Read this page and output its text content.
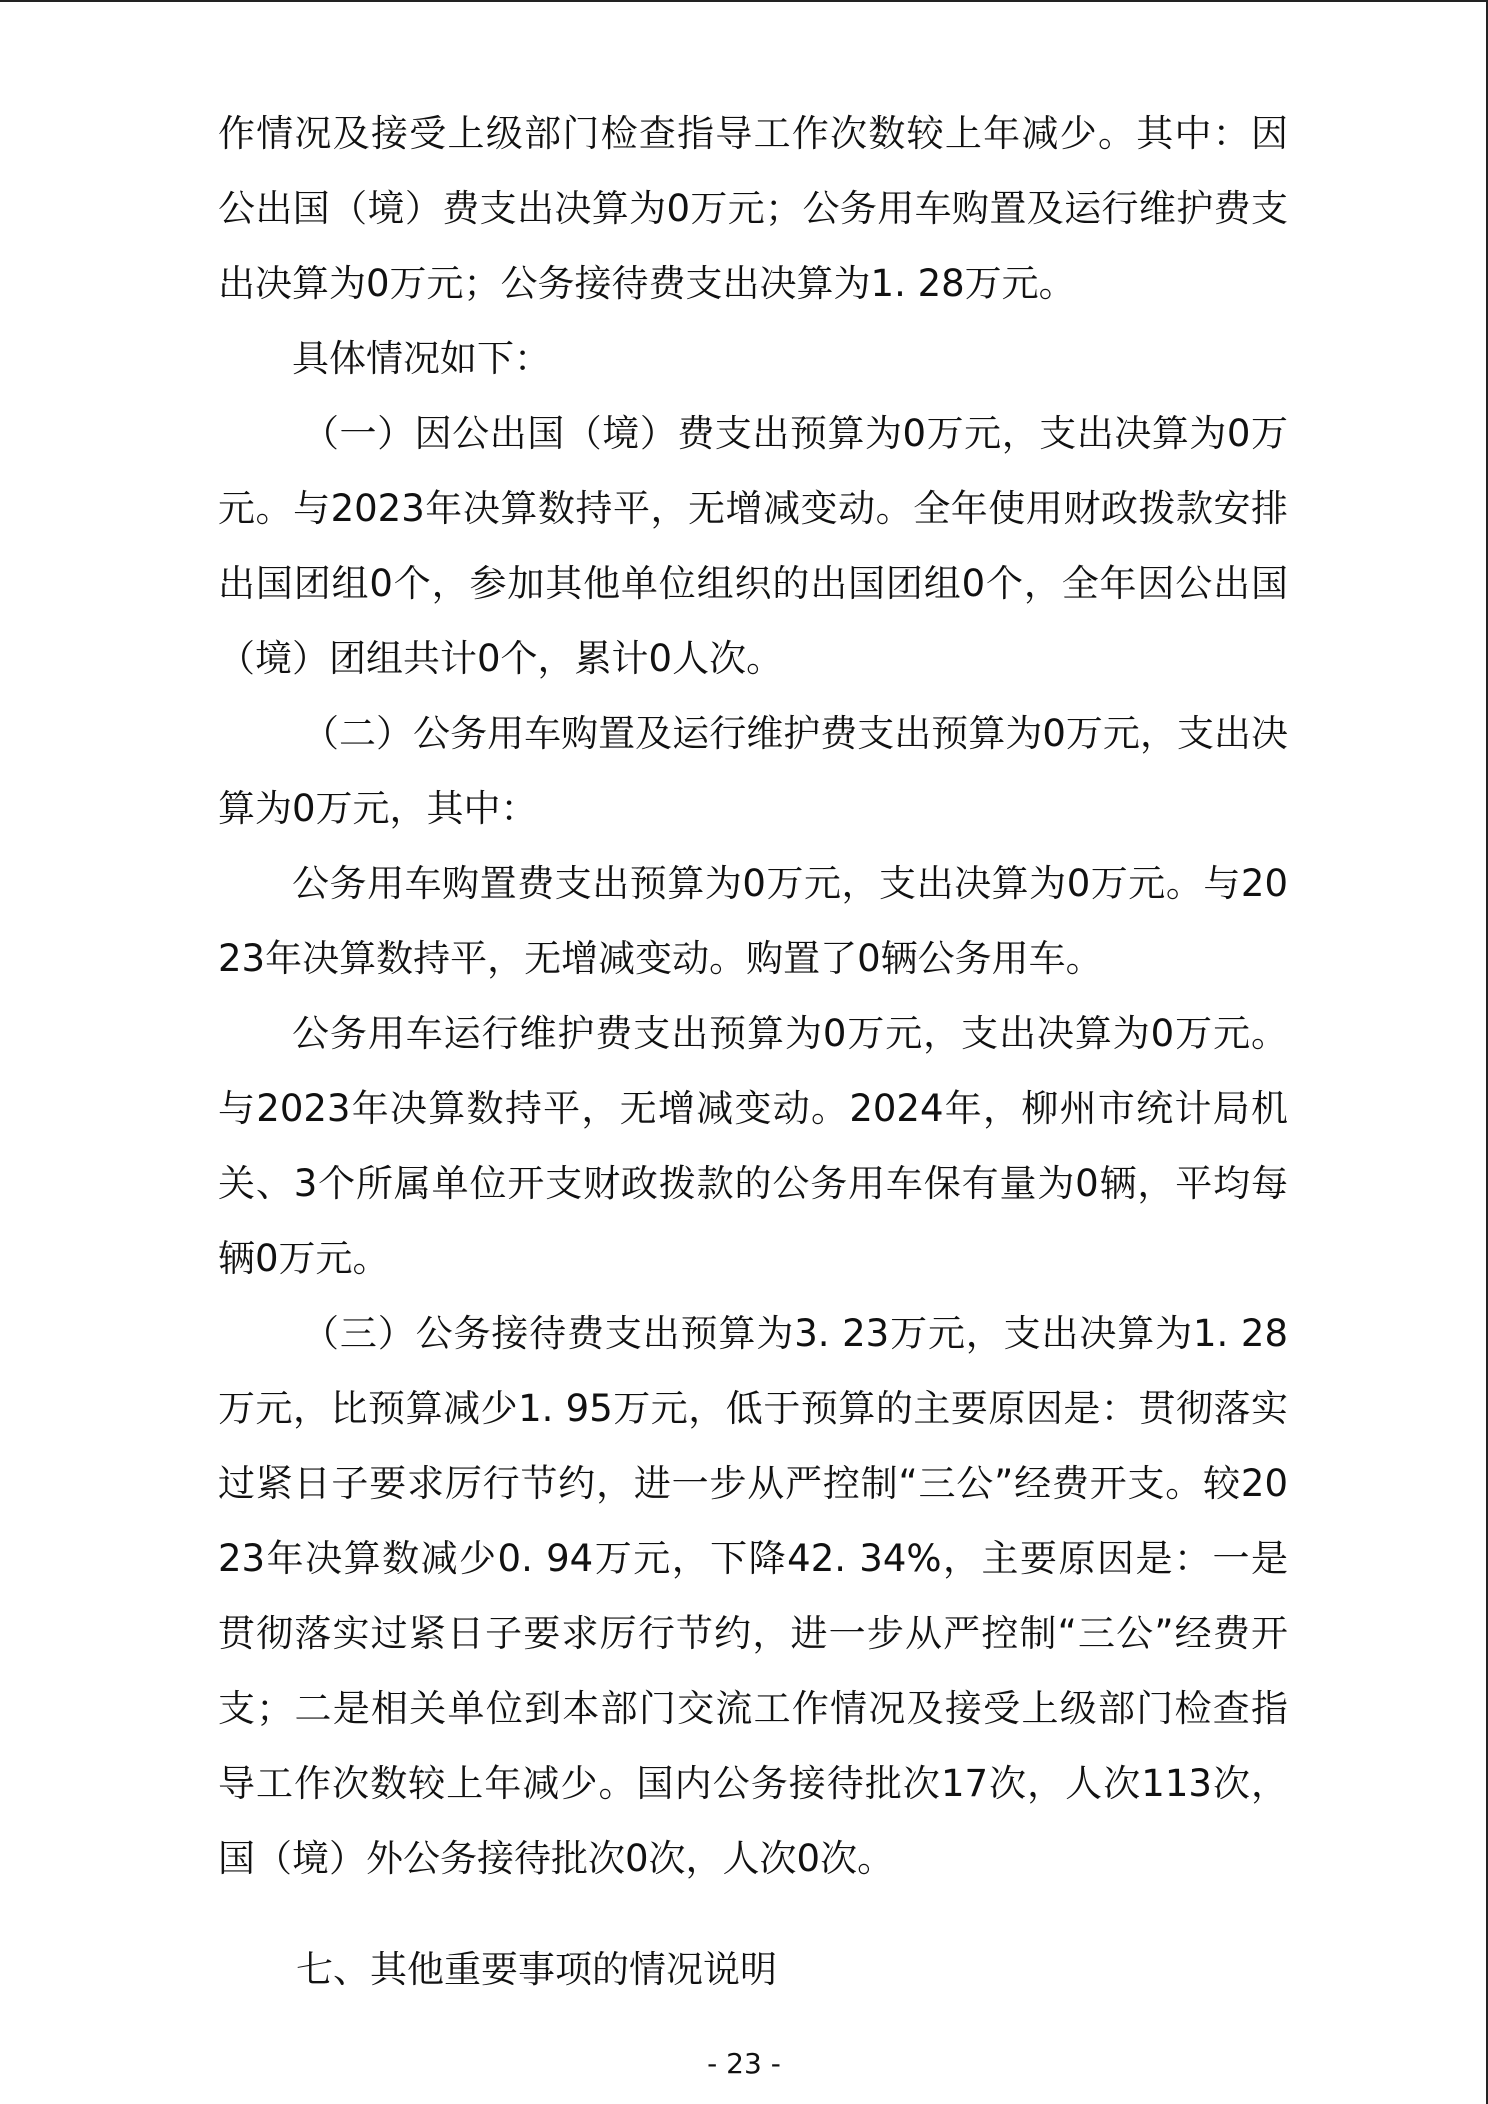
作情况及接受上级部门检查指导工作次数较上年减少。其中：因公出国（境）费支出决算为0万元；公务用车购置及运行维护费支出决算为0万元；公务接待费支出决算为1. 28万元。

具体情况如下：

（一）因公出国（境）费支出预算为0万元，支出决算为0万元。与2023年决算数持平，无增减变动。全年使用财政拨款安排出国团组0个，参加其他单位组织的出国团组0个，全年因公出国（境）团组共计0个，累计0人次。

（二）公务用车购置及运行维护费支出预算为0万元，支出决算为0万元，其中：

公务用车购置费支出预算为0万元，支出决算为0万元。与2023年决算数持平，无增减变动。购置了0辆公务用车。

公务用车运行维护费支出预算为0万元，支出决算为0万元。与2023年决算数持平，无增减变动。2024年，柳州市统计局机关、3个所属单位开支财政拨款的公务用车保有量为0辆，平均每辆0万元。

（三）公务接待费支出预算为3. 23万元，支出决算为1. 28万元，比预算减少1. 95万元，低于预算的主要原因是：贯彻落实过紧日子要求厉行节约，进一步从严控制“三公”经费开支。较2023年决算数减少0. 94万元，下降42. 34%，主要原因是：一是贯彻落实过紧日子要求厉行节约，进一步从严控制“三公”经费开支；二是相关单位到本部门交流工作情况及接受上级部门检查指导工作次数较上年减少。国内公务接待批次17次，人次113次，国（境）外公务接待批次0次，人次0次。

七、其他重要事项的情况说明
- 23 -
